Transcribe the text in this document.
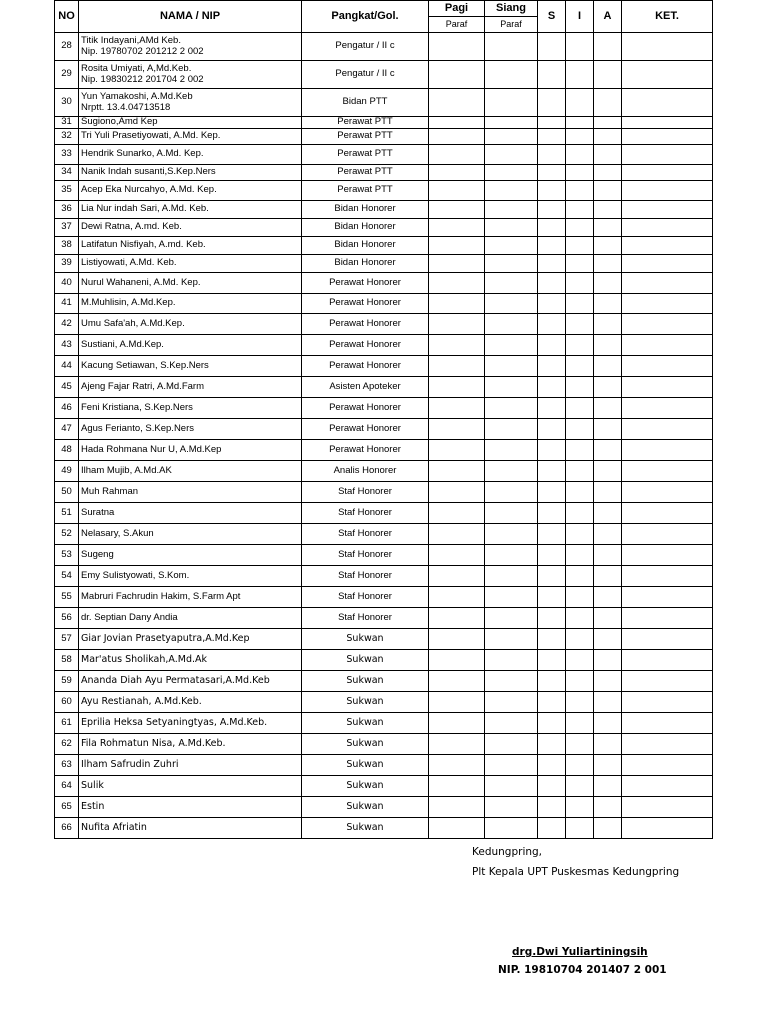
NO	NAMA / NIP	Pangkat/Gol.	Pagi	Siang	S	I	A	KET.
			Paraf	Paraf				
28	Titik Indayani,AMd Keb.
Nip. 19780702 201212 2 002	Pengatur / II c						
29	Rosita Umiyati, A,Md.Keb.
Nip. 19830212 201704 2 002	Pengatur / II c						
30	Yun Yamakoshi, A.Md.Keb
Nrptt. 13.4.04713518	Bidan PTT						
31	Sugiono,Amd Kep	Perawat PTT						
32	Tri Yuli Prasetiyowati, A.Md. Kep.	Perawat PTT						
33	Hendrik Sunarko, A.Md. Kep.	Perawat PTT						
34	Nanik Indah susanti,S.Kep.Ners	Perawat PTT						
35	Acep Eka Nurcahyo, A.Md. Kep.	Perawat PTT						
36	Lia Nur indah Sari, A.Md. Keb.	Bidan Honorer						
37	Dewi Ratna, A.md. Keb.	Bidan Honorer						
38	Latifatun Nisfiyah, A.md. Keb.	Bidan Honorer						
39	Listiyowati, A.Md. Keb.	Bidan Honorer						
40	Nurul Wahaneni, A.Md. Kep.	Perawat Honorer						
41	M.Muhlisin, A.Md.Kep.	Perawat Honorer						
42	Umu Safa'ah, A.Md.Kep.	Perawat Honorer						
43	Sustiani, A.Md.Kep.	Perawat Honorer						
44	Kacung Setiawan, S.Kep.Ners	Perawat Honorer						
45	Ajeng Fajar Ratri, A.Md.Farm	Asisten Apoteker						
46	Feni Kristiana, S.Kep.Ners	Perawat Honorer						
47	Agus Ferianto, S.Kep.Ners	Perawat Honorer						
48	Hada Rohmana Nur U, A.Md.Kep	Perawat Honorer						
49	Ilham Mujib, A.Md.AK	Analis Honorer						
50	Muh Rahman	Staf Honorer						
51	Suratna	Staf Honorer						
52	Nelasary, S.Akun	Staf Honorer						
53	Sugeng	Staf Honorer						
54	Emy Sulistyowati, S.Kom.	Staf Honorer						
55	Mabruri Fachrudin Hakim, S.Farm Apt	Staf Honorer						
56	dr. Septian Dany Andia	Staf Honorer						
57	Giar Jovian Prasetyaputra,A.Md.Kep	Sukwan						
58	Mar'atus Sholikah,A.Md.Ak	Sukwan						
59	Ananda Diah Ayu Permatasari,A.Md.Keb	Sukwan						
60	Ayu Restianah, A.Md.Keb.	Sukwan						
61	Eprilia Heksa Setyaningtyas, A.Md.Keb.	Sukwan						
62	Fila Rohmatun Nisa, A.Md.Keb.	Sukwan						
63	Ilham Safrudin Zuhri	Sukwan						
64	Sulik	Sukwan						
65	Estin	Sukwan						
66	Nufita Afriatin	Sukwan						
Kedungpring,
Plt Kepala UPT Puskesmas Kedungpring
drg.Dwi Yuliartiningsih
NIP. 19810704 201407 2 001
